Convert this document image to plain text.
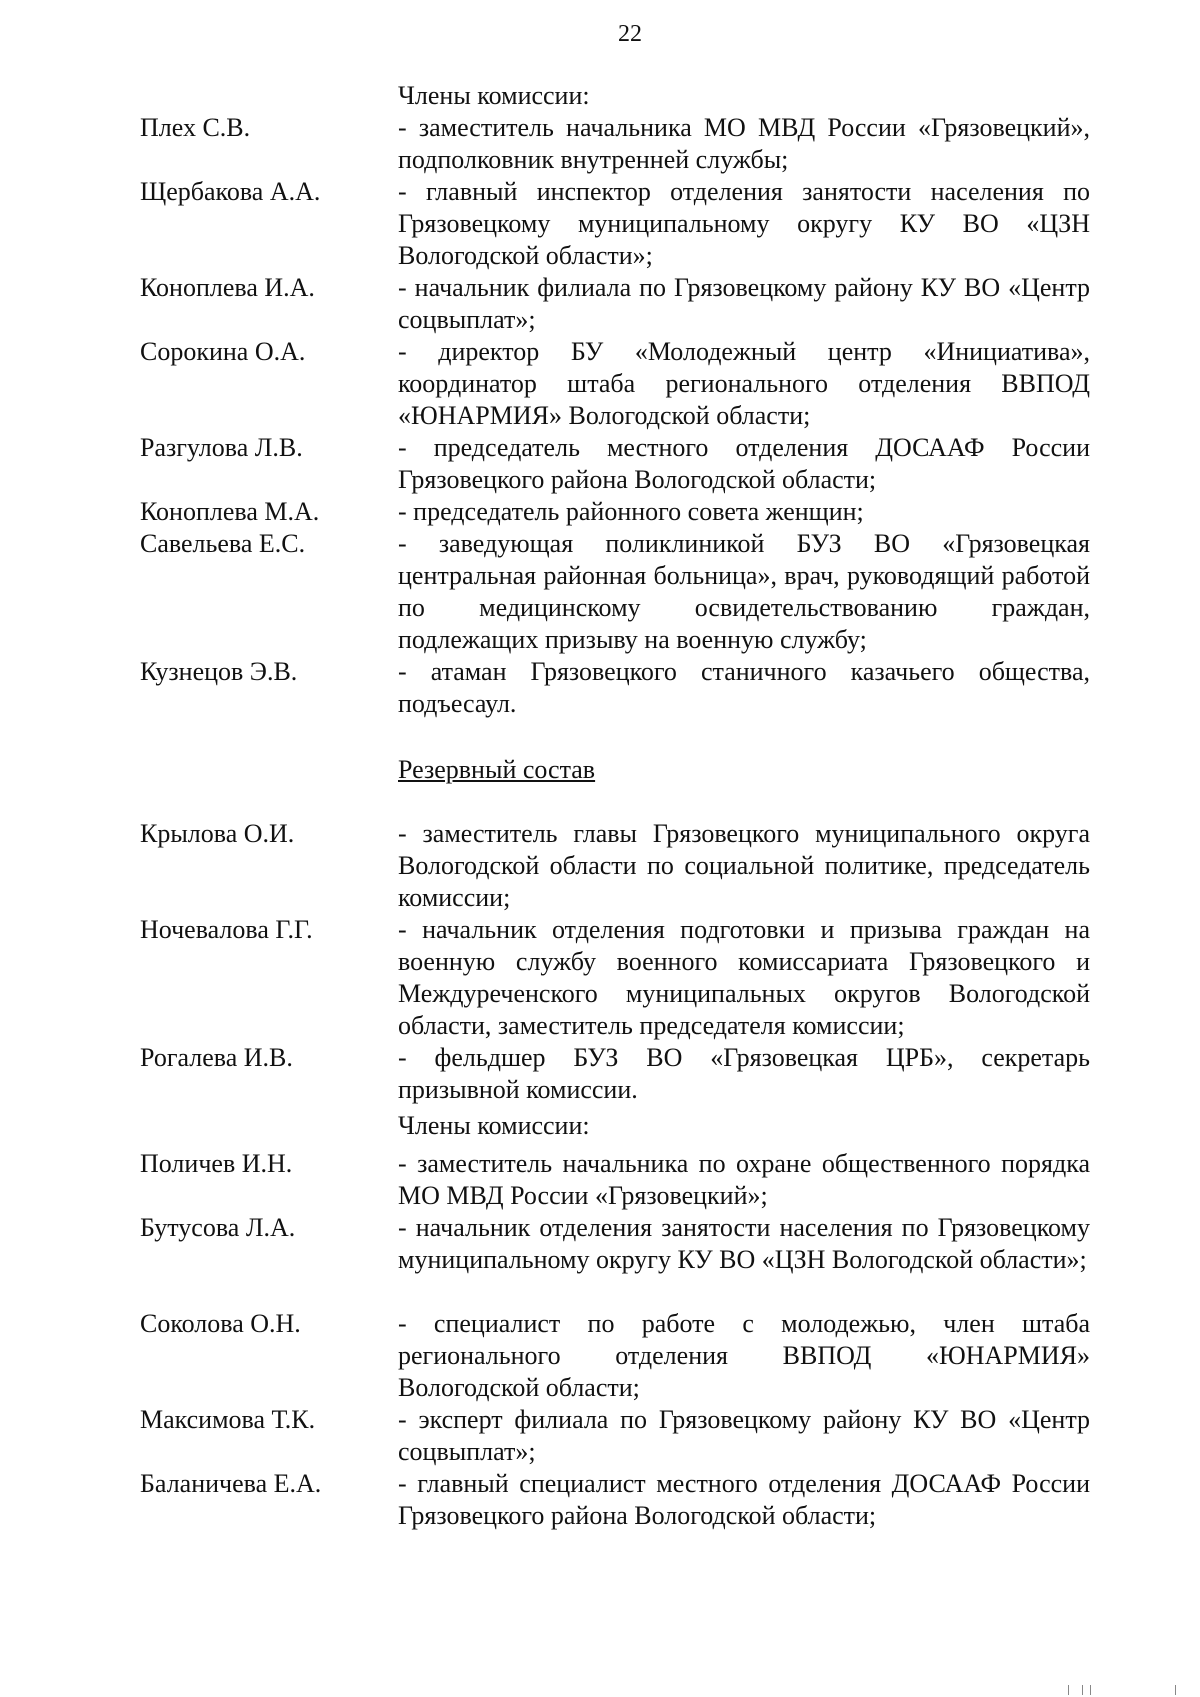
22
Члены комиссии:
Плех С.В.	- заместитель начальника МО МВД России «Грязовецкий», подполковник внутренней службы;
Щербакова А.А.	- главный инспектор отделения занятости населения по Грязовецкому муниципальному округу КУ ВО «ЦЗН Вологодской области»;
Коноплева И.А.	- начальник филиала по Грязовецкому району КУ ВО «Центр соцвыплат»;
Сорокина О.А.	- директор БУ «Молодежный центр «Инициатива», координатор штаба регионального отделения ВВПОД «ЮНАРМИЯ» Вологодской области;
Разгулова Л.В.	- председатель местного отделения ДОСААФ России Грязовецкого района Вологодской области;
Коноплева М.А.	- председатель районного совета женщин;
Савельева Е.С.	- заведующая поликлиникой БУЗ ВО «Грязовецкая центральная районная больница», врач, руководящий работой по медицинскому освидетельствованию граждан, подлежащих призыву на военную службу;
Кузнецов Э.В.	- атаман Грязовецкого станичного казачьего общества, подъесаул.
Резервный состав
Крылова О.И.	- заместитель главы Грязовецкого муниципального округа Вологодской области по социальной политике, председатель комиссии;
Ночевалова Г.Г.	- начальник отделения подготовки и призыва граждан на военную службу военного комиссариата Грязовецкого и Междуреченского муниципальных округов Вологодской области, заместитель председателя комиссии;
Рогалева И.В.	- фельдшер БУЗ ВО «Грязовецкая ЦРБ», секретарь призывной комиссии.
Члены комиссии:
Поличев И.Н.	- заместитель начальника по охране общественного порядка МО МВД России «Грязовецкий»;
Бутусова Л.А.	- начальник отделения занятости населения по Грязовецкому муниципальному округу КУ ВО «ЦЗН Вологодской области»;
Соколова О.Н.	- специалист по работе с молодежью, член штаба регионального отделения ВВПОД «ЮНАРМИЯ» Вологодской области;
Максимова Т.К.	- эксперт филиала по Грязовецкому району КУ ВО «Центр соцвыплат»;
Баланичева Е.А.	- главный специалист местного отделения ДОСААФ России Грязовецкого района Вологодской области;
